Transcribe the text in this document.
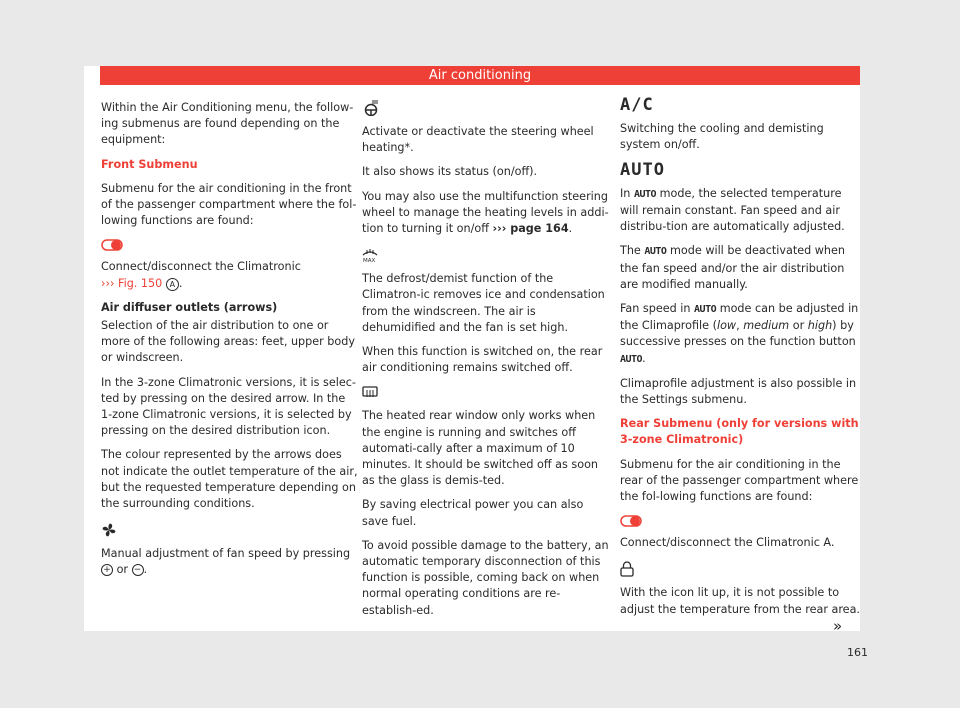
Air conditioning

Within the Air Conditioning menu, the follow-ing submenus are found depending on the equipment:

Front Submenu

Submenu for the air conditioning in the front of the passenger compartment where the fol-lowing functions are found:

Connect/disconnect the Climatronic
››› Fig. 150 A .

Air diffuser outlets (arrows)

Selection of the air distribution to one or more of the following areas: feet, upper body or windscreen.

In the 3-zone Climatronic versions, it is selec-ted by pressing on the desired arrow. In the 1-zone Climatronic versions, it is selected by pressing on the desired distribution icon.

The colour represented by the arrows does not indicate the outlet temperature of the air, but the requested temperature depending on the surrounding conditions.

Manual adjustment of fan speed by pressing + or − .

Activate or deactivate the steering wheel heating*.

It also shows its status (on/off).

You may also use the multifunction steering wheel to manage the heating levels in addi-tion to turning it on/off ››› page 164.

MAX

The defrost/demist function of the Climatron-ic removes ice and condensation from the windscreen. The air is dehumidified and the fan is set high.

When this function is switched on, the rear air conditioning remains switched off.

The heated rear window only works when the engine is running and switches off automati-cally after a maximum of 10 minutes. It should be switched off as soon as the glass is demis-ted.

By saving electrical power you can also save fuel.

To avoid possible damage to the battery, an automatic temporary disconnection of this function is possible, coming back on when normal operating conditions are re-establish-ed.

A/C

Switching the cooling and demisting system on/off.

AUTO

In AUTO mode, the selected temperature will remain constant. Fan speed and air distribu-tion are automatically adjusted.

The AUTO mode will be deactivated when the fan speed and/or the air distribution are modified manually.

Fan speed in AUTO mode can be adjusted in the Climaprofile (low, medium or high) by successive presses on the function button AUTO.

Climaprofile adjustment is also possible in the Settings submenu.

Rear Submenu (only for versions with 3-zone Climatronic)

Submenu for the air conditioning in the rear of the passenger compartment where the fol-lowing functions are found:

Connect/disconnect the Climatronic A.

With the icon lit up, it is not possible to adjust the temperature from the rear area.

»
161
